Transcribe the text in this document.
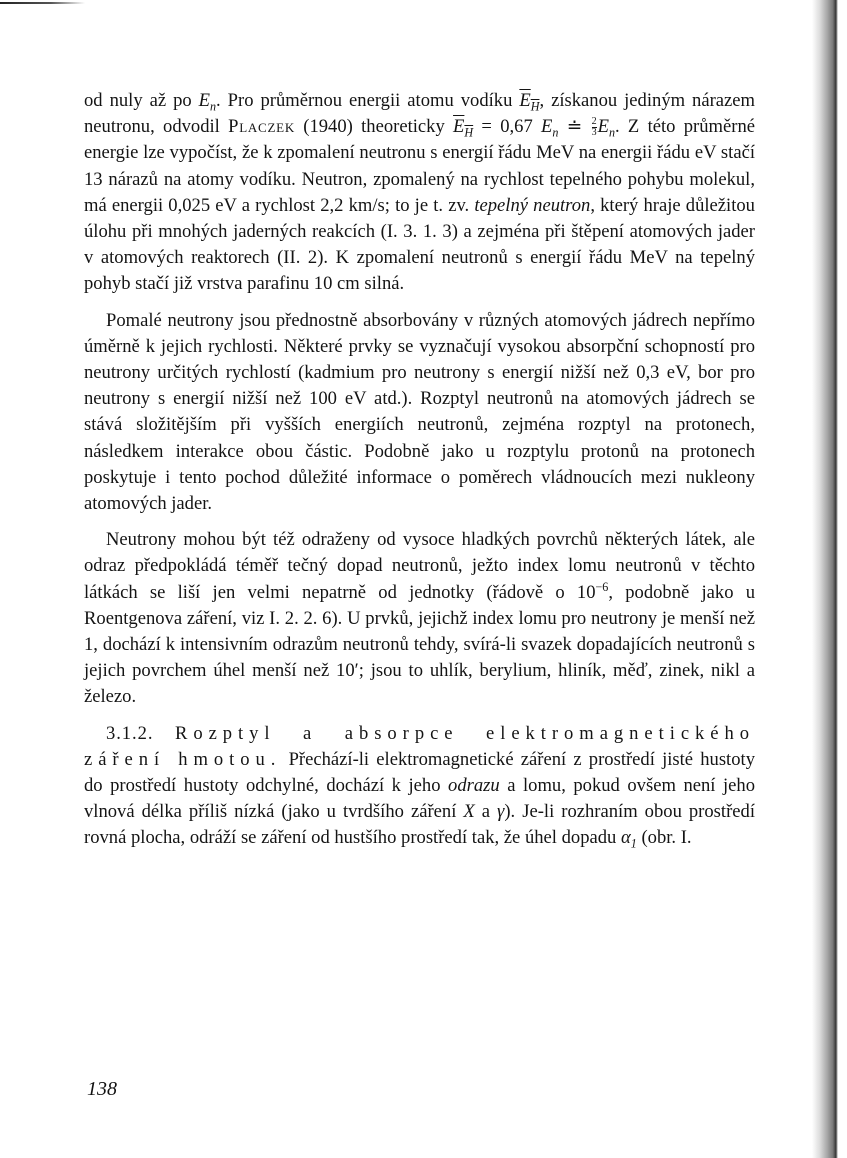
od nuly až po $E_n$. Pro průměrnou energii atomu vodíku $E_H$, získanou jediným nárazem neutronu, odvodil Placzek (1940) theoreticky $E_H = 0,67$ $E_n$ ≐ $\frac{2}{3} E_n$. Z této průměrné energie lze vypočíst, že k zpomalení neutronu s energií řádu MeV na energii řádu eV stačí 13 nárazů na atomy vodíku. Neutron, zpomalený na rychlost tepelného pohybu molekul, má energii 0,025 eV a rychlost 2,2 km/s; to je t. zv. tepelný neutron, který hraje důležitou úlohu při mnohých jaderných reakcích (I. 3. 1. 3) a zejména při štěpení atomových jader v atomových reaktorech (II. 2). K zpomalení neutronů s energií řádu MeV na tepelný pohyb stačí již vrstva parafinu 10 cm silná.

Pomalé neutrony jsou přednostně absorbovány v různých atomových jádrech nepřímo úměrně k jejich rychlosti. Některé prvky se vyznačují vysokou absorpční schopností pro neutrony určitých rychlostí (kadmium pro neutrony s energií nižší než 0,3 eV, bor pro neutrony s energií nižší než 100 eV atd.). Rozptyl neutronů na atomových jádrech se stává složitějším při vyšších energiích neutronů, zejména rozptyl na protonech, následkem interakce obou částic. Podobně jako u rozptylu protonů na protonech poskytuje i tento pochod důležité informace o poměrech vládnoucích mezi nukleony atomových jader.

Neutrony mohou být též odraženy od vysoce hladkých povrchů některých látek, ale odraz předpokládá téměř tečný dopad neutronů, ježto index lomu neutronů v těchto látkách se liší jen velmi nepatrně od jednotky (řádově o $10^{-6}$, podobně jako u Roentgenova záření, viz I. 2. 2. 6). U prvků, jejichž index lomu pro neutrony je menší než 1, dochází k intensivním odrazům neutronů tehdy, svírá-li svazek dopadajících neutronů s jejich povrchem úhel menší než 10′; jsou to uhlík, berylium, hliník, měď, zinek, nikl a železo.

3.1.2. Rozptyl a absorpce elektromagnetického záření hmotou. Přechází-li elektromagnetické záření z prostředí jisté hustoty do prostředí hustoty odchylné, dochází k jeho odrazu a lomu, pokud ovšem není jeho vlnová délka příliš nízká (jako u tvrdšího záření X a γ). Je-li rozhraním obou prostředí rovná plocha, odráží se záření od hustšího prostředí tak, že úhel dopadu $\alpha_1$ (obr. I.

138
